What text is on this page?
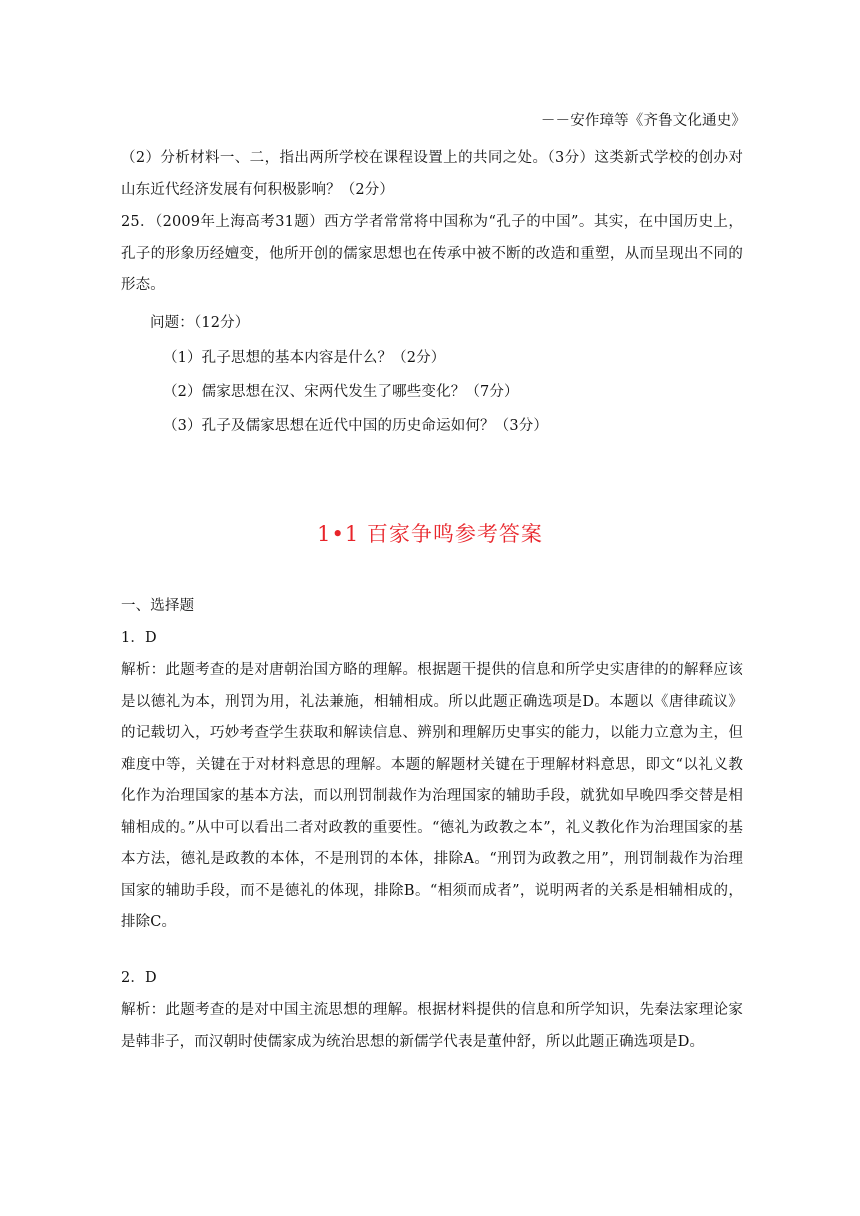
－－安作璋等《齐鲁文化通史》
（2）分析材料一、二，指出两所学校在课程设置上的共同之处。（3分）这类新式学校的创办对山东近代经济发展有何积极影响？（2分）
25．（2009年上海高考31题）西方学者常常将中国称为“孔子的中国”。其实，在中国历史上，孔子的形象历经嬗变，他所开创的儒家思想也在传承中被不断的改造和重塑，从而呈现出不同的形态。
问题：（12分）
（1）孔子思想的基本内容是什么？（2分）
（2）儒家思想在汉、宋两代发生了哪些变化？（7分）
（3）孔子及儒家思想在近代中国的历史命运如何？（3分）
1•1 百家争鸣参考答案
一、选择题
1．D
解析：此题考查的是对唐朝治国方略的理解。根据题干提供的信息和所学史实唐律的的解释应该是以德礼为本，刑罚为用，礼法兼施，相辅相成。所以此题正确选项是D。本题以《唐律疏议》的记载切入，巧妙考查学生获取和解读信息、辨别和理解历史事实的能力，以能力立意为主，但难度中等，关键在于对材料意思的理解。本题的解题材关键在于理解材料意思，即文“以礼义教化作为治理国家的基本方法，而以刑罚制裁作为治理国家的辅助手段，就犹如早晚四季交替是相辅相成的。”从中可以看出二者对政教的重要性。“德礼为政教之本”，礼义教化作为治理国家的基本方法，德礼是政教的本体，不是刑罚的本体，排除A。“刑罚为政教之用”，刑罚制裁作为治理国家的辅助手段，而不是德礼的体现，排除B。“相须而成者”，说明两者的关系是相辅相成的，排除C。
2．D
解析：此题考查的是对中国主流思想的理解。根据材料提供的信息和所学知识，先秦法家理论家是韩非子，而汉朝时使儒家成为统治思想的新儒学代表是董仲舒，所以此题正确选项是D。
